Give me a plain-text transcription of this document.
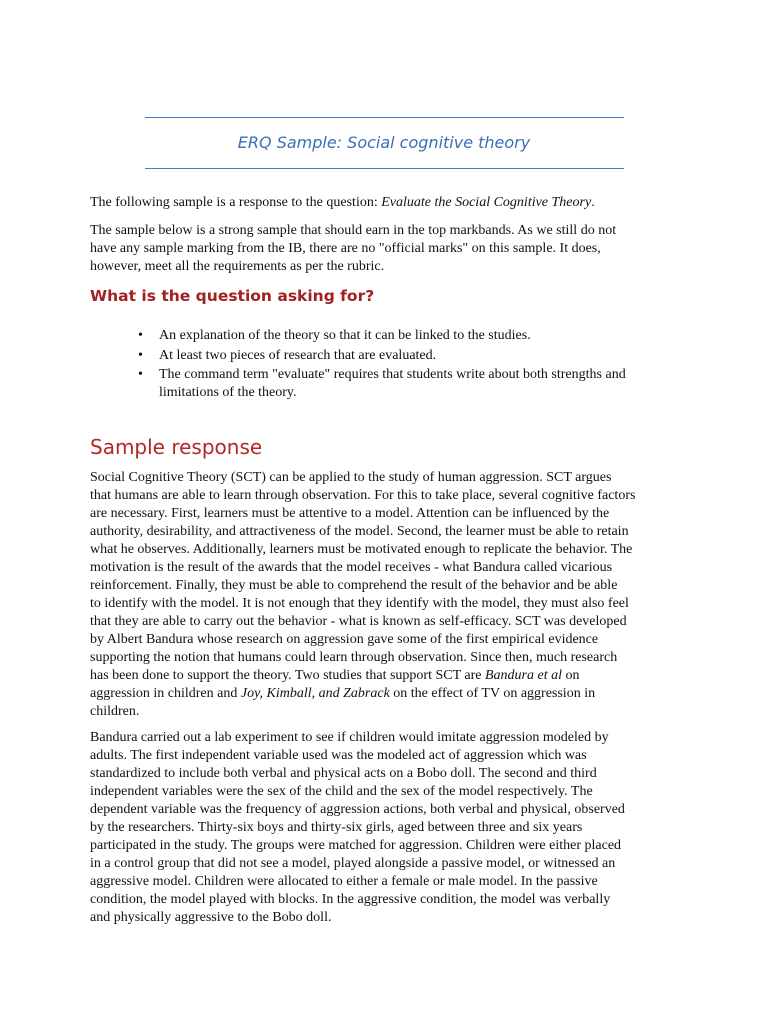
ERQ Sample: Social cognitive theory

The following sample is a response to the question: Evaluate the Social Cognitive Theory.

The sample below is a strong sample that should earn in the top markbands. As we still do not
have any sample marking from the IB, there are no "official marks" on this sample. It does,
however, meet all the requirements as per the rubric.

What is the question asking for?
• An explanation of the theory so that it can be linked to the studies.
• At least two pieces of research that are evaluated.
• The command term "evaluate" requires that students write about both strengths and
limitations of the theory.
Sample response

Social Cognitive Theory (SCT) can be applied to the study of human aggression. SCT argues
that humans are able to learn through observation. For this to take place, several cognitive factors
are necessary. First, learners must be attentive to a model. Attention can be influenced by the
authority, desirability, and attractiveness of the model. Second, the learner must be able to retain
what he observes. Additionally, learners must be motivated enough to replicate the behavior. The
motivation is the result of the awards that the model receives - what Bandura called vicarious
reinforcement. Finally, they must be able to comprehend the result of the behavior and be able
to identify with the model. It is not enough that they identify with the model, they must also feel
that they are able to carry out the behavior - what is known as self-efficacy. SCT was developed
by Albert Bandura whose research on aggression gave some of the first empirical evidence
supporting the notion that humans could learn through observation. Since then, much research
has been done to support the theory. Two studies that support SCT are Bandura et al on
aggression in children and Joy, Kimball, and Zabrack on the effect of TV on aggression in
children.

Bandura carried out a lab experiment to see if children would imitate aggression modeled by
adults. The first independent variable used was the modeled act of aggression which was
standardized to include both verbal and physical acts on a Bobo doll. The second and third
independent variables were the sex of the child and the sex of the model respectively. The
dependent variable was the frequency of aggression actions, both verbal and physical, observed
by the researchers. Thirty-six boys and thirty-six girls, aged between three and six years
participated in the study. The groups were matched for aggression. Children were either placed
in a control group that did not see a model, played alongside a passive model, or witnessed an
aggressive model. Children were allocated to either a female or male model. In the passive
condition, the model played with blocks. In the aggressive condition, the model was verbally
and physically aggressive to the Bobo doll.
